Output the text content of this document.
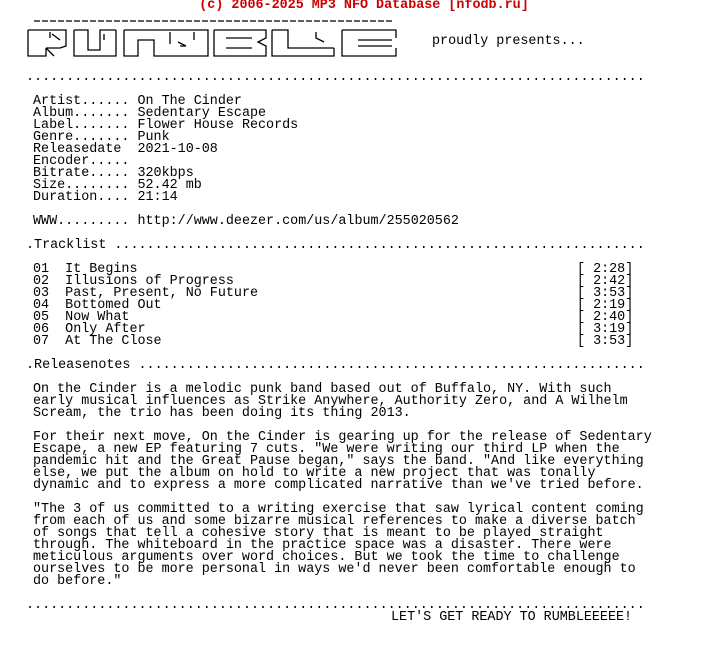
(c) 2006-2025 MP3 NFO Database [nfodb.ru]
proudly presents...
.............................................................................
Artist...... On The Cinder
Album....... Sedentary Escape
Label....... Flower House Records
Genre....... Punk
Releasedate 2021-10-08
Encoder.....
Bitrate..... 320kbps
Size........ 52.42 mb
Duration.... 21:14
WWW......... http://www.deezer.com/us/album/255020562
.Tracklist ..................................................................
01 It Begins	[ 2:28]
02 Illusions of Progress	[ 2:42]
03 Past, Present, No Future	[ 3:53]
04 Bottomed Out	[ 2:19]
05 Now What	[ 2:40]
06 Only After	[ 3:19]
07 At The Close	[ 3:53]
.Releasenotes ...............................................................
On the Cinder is a melodic punk band based out of Buffalo, NY. With such
early musical influences as Strike Anywhere, Authority Zero, and A Wilhelm
Scream, the trio has been doing its thing 2013.
For their next move, On the Cinder is gearing up for the release of Sedentary
Escape, a new EP featuring 7 cuts. "We were writing our third LP when the
pandemic hit and the Great Pause began," says the band. "And like everything
else, we put the album on hold to write a new project that was tonally
dynamic and to express a more complicated narrative than we've tried before.
"The 3 of us committed to a writing exercise that saw lyrical content coming
from each of us and some bizarre musical references to make a diverse batch
of songs that tell a cohesive story that is meant to be played straight
through. The whiteboard in the practice space was a disaster. There were
meticulous arguments over word choices. But we took the time to challenge
ourselves to be more personal in ways we'd never been comfortable enough to
do before."
.............................................................................
LET'S GET READY TO RUMBLEEEEE!
